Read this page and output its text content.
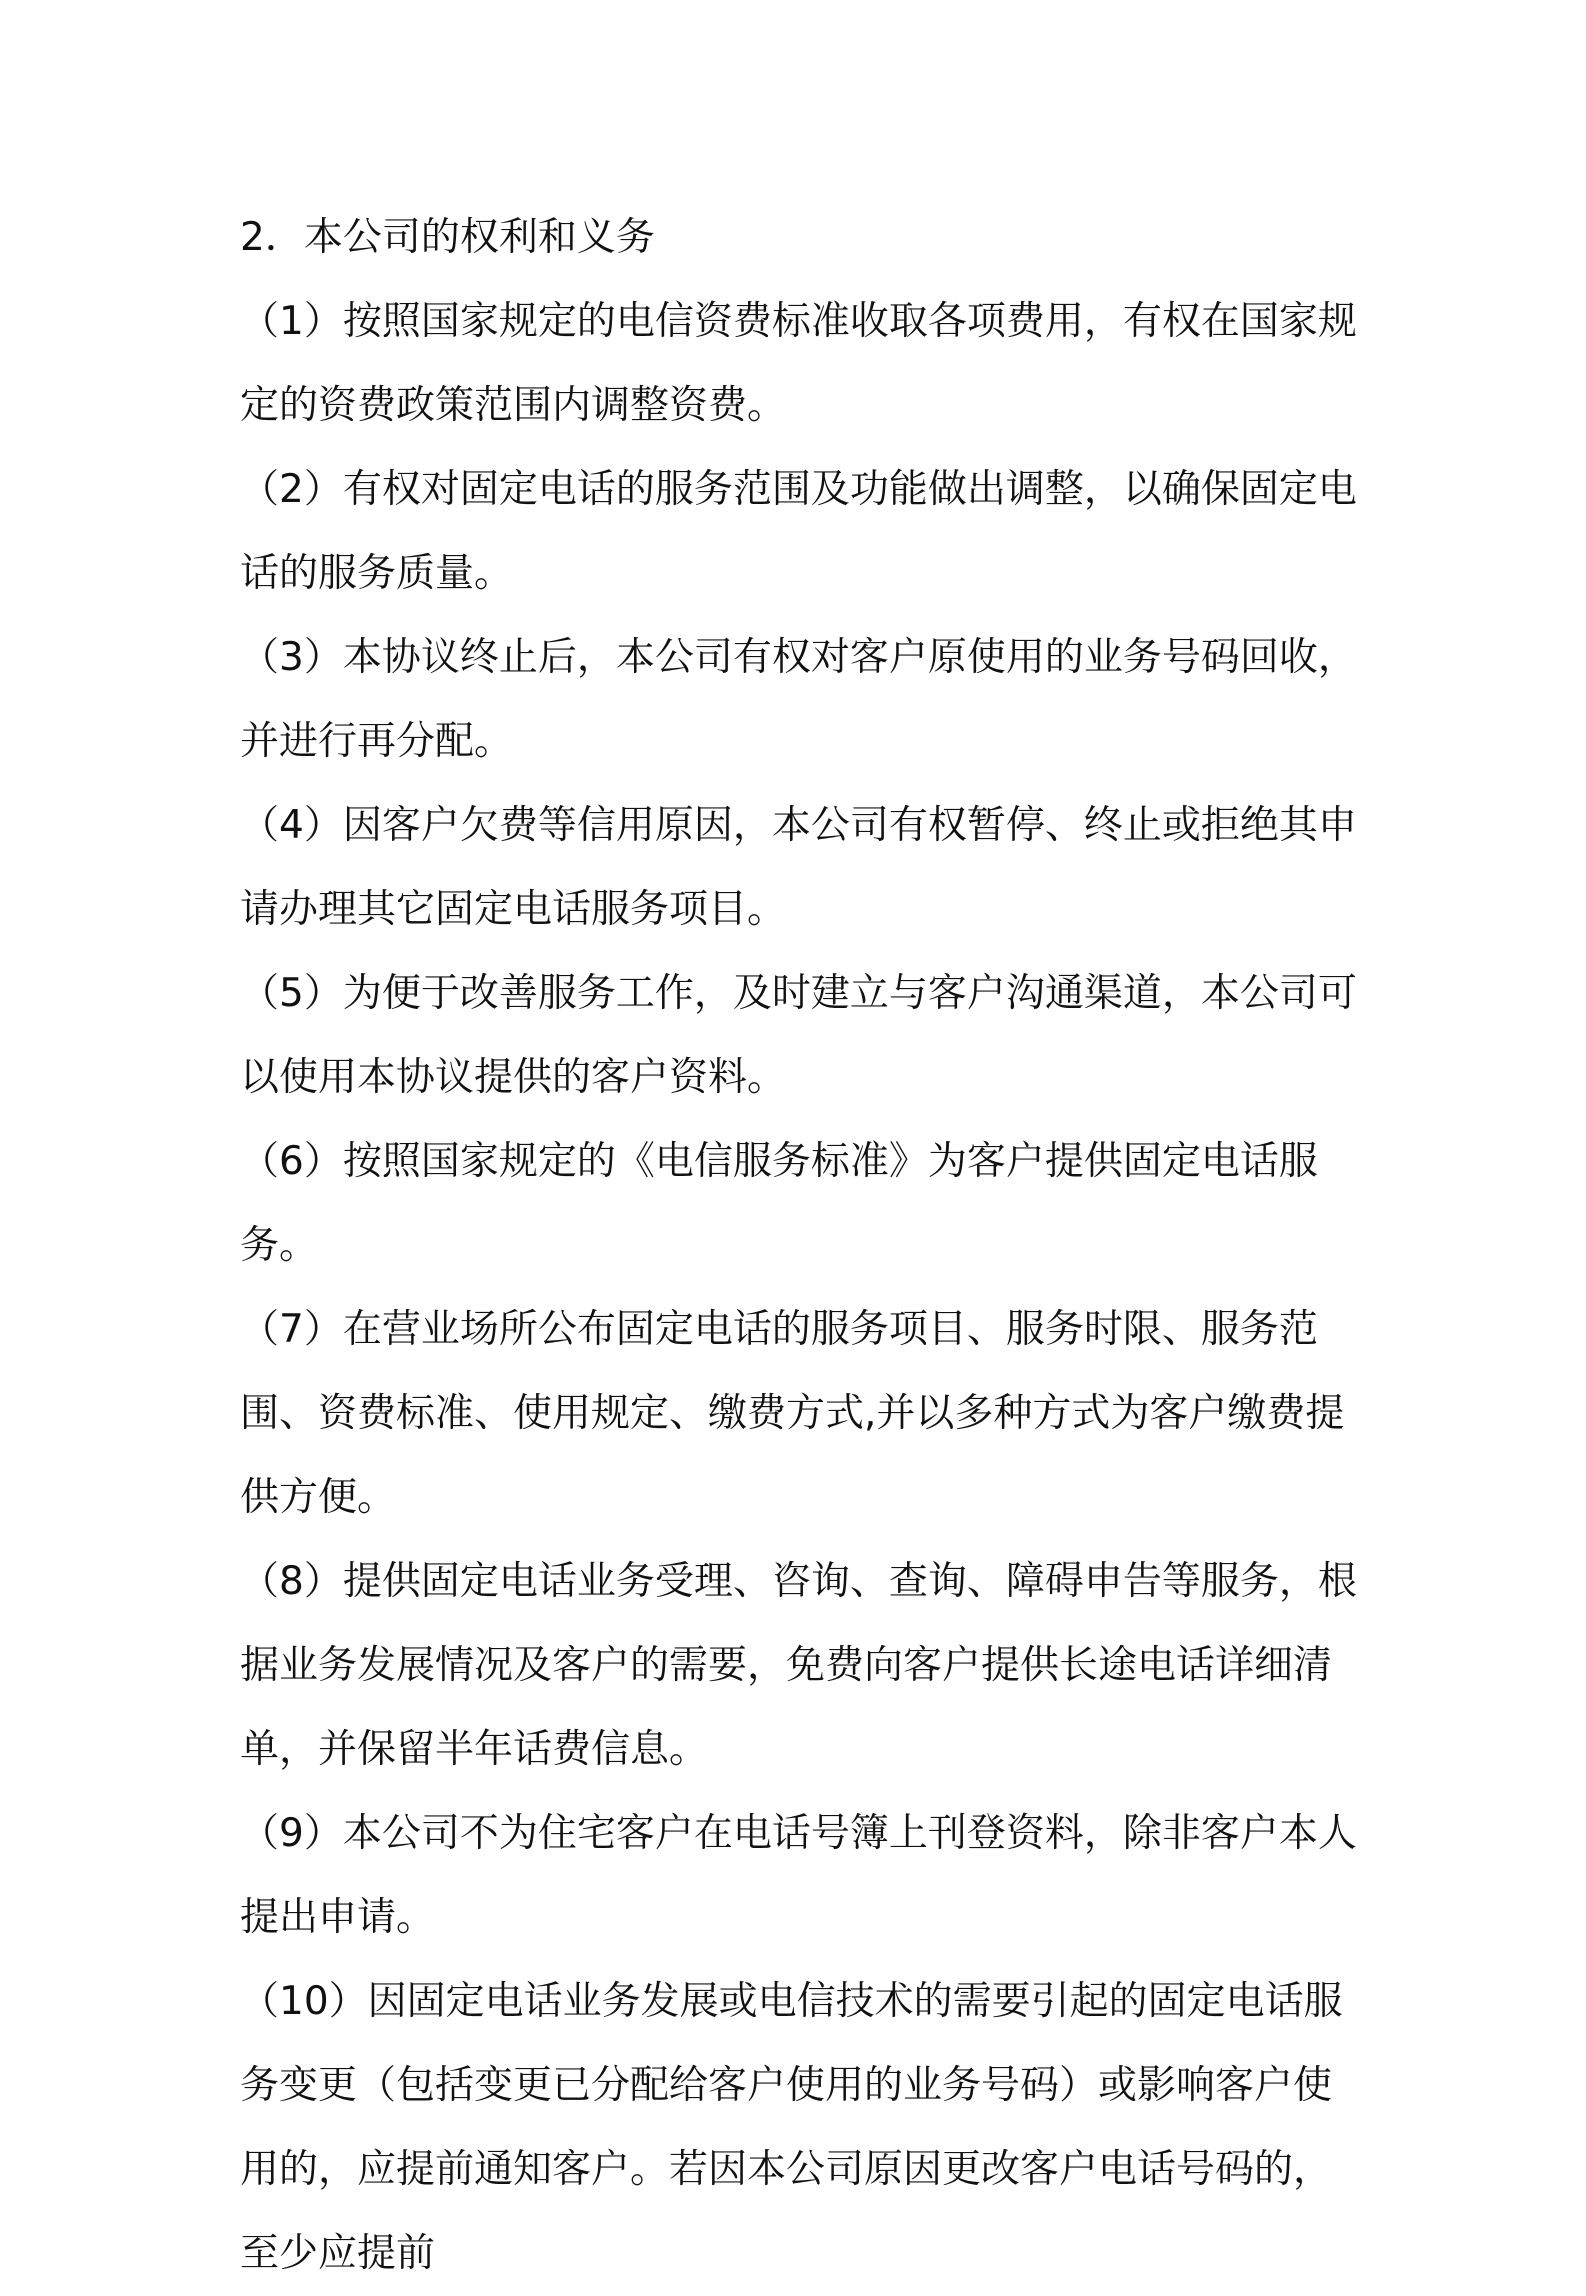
2．本公司的权利和义务

（1）按照国家规定的电信资费标准收取各项费用，有权在国家规定的资费政策范围内调整资费。

（2）有权对固定电话的服务范围及功能做出调整，以确保固定电话的服务质量。

（3）本协议终止后，本公司有权对客户原使用的业务号码回收，并进行再分配。

（4）因客户欠费等信用原因，本公司有权暂停、终止或拒绝其申请办理其它固定电话服务项目。

（5）为便于改善服务工作，及时建立与客户沟通渠道，本公司可以使用本协议提供的客户资料。

（6）按照国家规定的《电信服务标准》为客户提供固定电话服务。

（7）在营业场所公布固定电话的服务项目、服务时限、服务范围、资费标准、使用规定、缴费方式,并以多种方式为客户缴费提供方便。

（8）提供固定电话业务受理、咨询、查询、障碍申告等服务，根据业务发展情况及客户的需要，免费向客户提供长途电话详细清单，并保留半年话费信息。

（9）本公司不为住宅客户在电话号簿上刊登资料，除非客户本人提出申请。

（10）因固定电话业务发展或电信技术的需要引起的固定电话服务变更（包括变更已分配给客户使用的业务号码）或影响客户使用的，应提前通知客户。若因本公司原因更改客户电话号码的，至少应提前
